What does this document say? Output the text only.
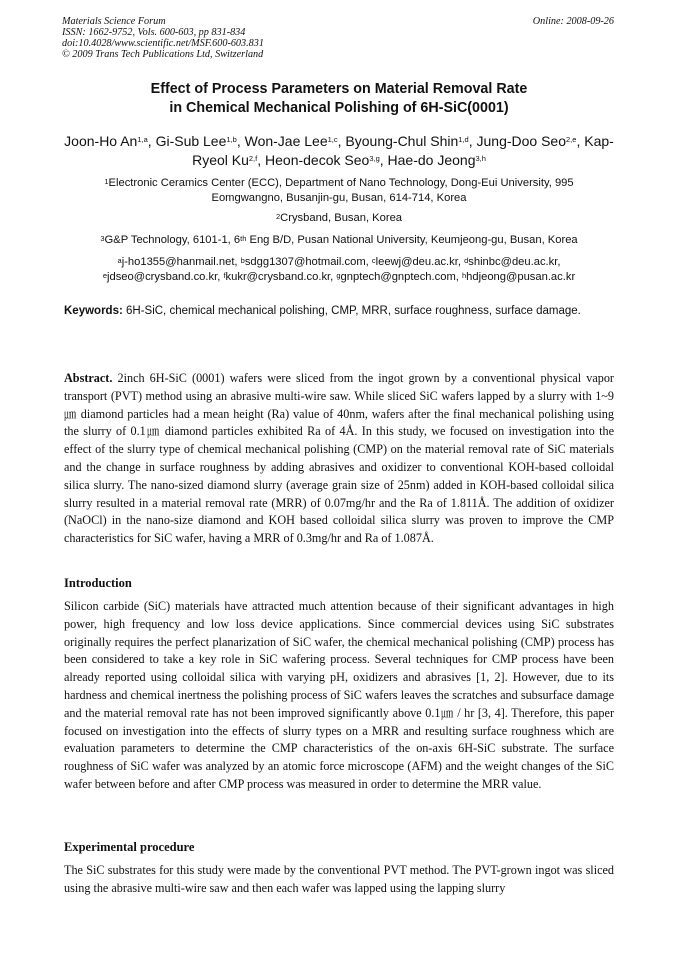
Materials Science Forum
ISSN: 1662-9752, Vols. 600-603, pp 831-834
doi:10.4028/www.scientific.net/MSF.600-603.831
© 2009 Trans Tech Publications Ltd, Switzerland
Online: 2008-09-26
Effect of Process Parameters on Material Removal Rate
in Chemical Mechanical Polishing of 6H-SiC(0001)
Joon-Ho An$^{1,a}$, Gi-Sub Lee$^{1,b}$, Won-Jae Lee$^{1,c}$, Byoung-Chul Shin$^{1,d}$, Jung-Doo Seo$^{2,e}$, Kap-Ryeol Ku$^{2,f}$, Heon-decok Seo$^{3,g}$, Hae-do Jeong$^{3,h}$
$^1$Electronic Ceramics Center (ECC), Department of Nano Technology, Dong-Eui University, 995
Eomgwangno, Busanjin-gu, Busan, 614-714, Korea
$^2$Crysband, Busan, Korea
$^3$G&P Technology, 6101-1, 6th Eng B/D, Pusan National University, Keumjeong-gu, Busan, Korea
$^a$j-ho1355@hanmail.net, $^b$sdgg1307@hotmail.com, $^c$leewj@deu.ac.kr, $^d$shinbc@deu.ac.kr,
$^e$jdseo@crysband.co.kr, $^f$kukr@crysband.co.kr, $^g$gnptech@gnptech.com, $^h$hdjeong@pusan.ac.kr
Keywords: 6H-SiC, chemical mechanical polishing, CMP, MRR, surface roughness, surface damage.
Abstract. 2inch 6H-SiC (0001) wafers were sliced from the ingot grown by a conventional physical vapor transport (PVT) method using an abrasive multi-wire saw. While sliced SiC wafers lapped by a slurry with 1~9㎛ diamond particles had a mean height (Ra) value of 40nm, wafers after the final mechanical polishing using the slurry of 0.1㎛ diamond particles exhibited Ra of 4Å. In this study, we focused on investigation into the effect of the slurry type of chemical mechanical polishing (CMP) on the material removal rate of SiC materials and the change in surface roughness by adding abrasives and oxidizer to conventional KOH-based colloidal silica slurry. The nano-sized diamond slurry (average grain size of 25nm) added in KOH-based colloidal silica slurry resulted in a material removal rate (MRR) of 0.07mg/hr and the Ra of 1.811Å. The addition of oxidizer (NaOCl) in the nano-size diamond and KOH based colloidal silica slurry was proven to improve the CMP characteristics for SiC wafer, having a MRR of 0.3mg/hr and Ra of 1.087Å.
Introduction
Silicon carbide (SiC) materials have attracted much attention because of their significant advantages in high power, high frequency and low loss device applications. Since commercial devices using SiC substrates originally requires the perfect planarization of SiC wafer, the chemical mechanical polishing (CMP) process has been considered to take a key role in SiC wafering process. Several techniques for CMP process have been already reported using colloidal silica with varying pH, oxidizers and abrasives [1, 2]. However, due to its hardness and chemical inertness the polishing process of SiC wafers leaves the scratches and subsurface damage and the material removal rate has not been improved significantly above 0.1㎛ / hr [3, 4]. Therefore, this paper focused on investigation into the effects of slurry types on a MRR and resulting surface roughness which are evaluation parameters to determine the CMP characteristics of the on-axis 6H-SiC substrate. The surface roughness of SiC wafer was analyzed by an atomic force microscope (AFM) and the weight changes of the SiC wafer between before and after CMP process was measured in order to determine the MRR value.
Experimental procedure
The SiC substrates for this study were made by the conventional PVT method. The PVT-grown ingot was sliced using the abrasive multi-wire saw and then each wafer was lapped using the lapping slurry
